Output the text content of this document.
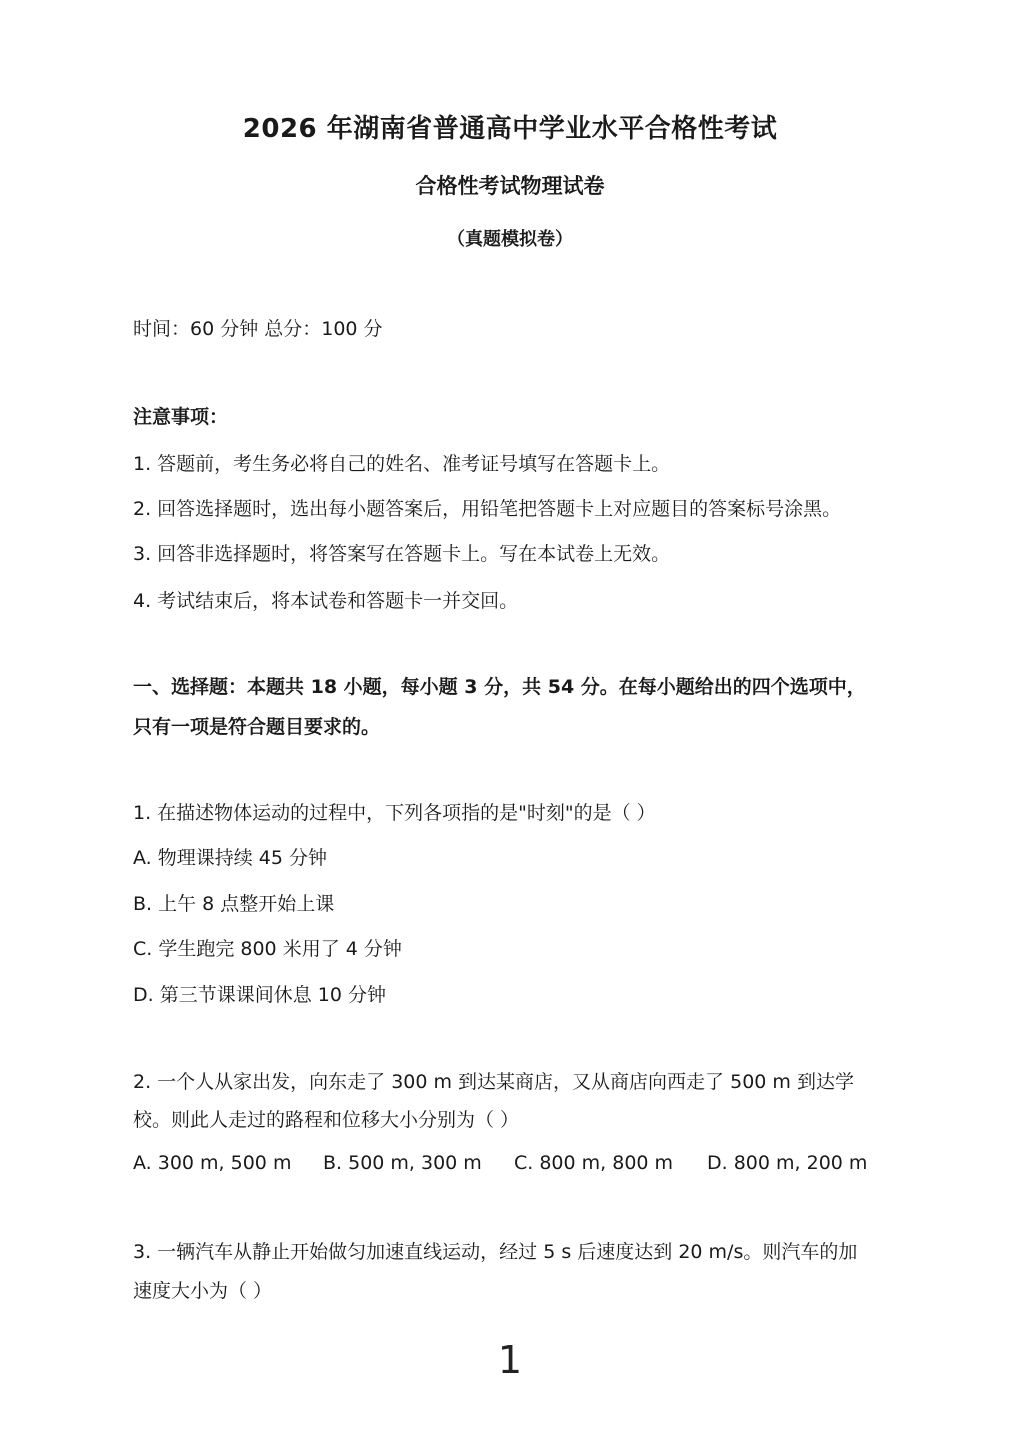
2026 年湖南省普通高中学业水平合格性考试
合格性考试物理试卷
（真题模拟卷）
时间：60 分钟 总分：100 分
注意事项：
1. 答题前，考生务必将自己的姓名、准考证号填写在答题卡上。
2. 回答选择题时，选出每小题答案后，用铅笔把答题卡上对应题目的答案标号涂黑。
3. 回答非选择题时，将答案写在答题卡上。写在本试卷上无效。
4. 考试结束后，将本试卷和答题卡一并交回。
一、选择题：本题共 18 小题，每小题 3 分，共 54 分。在每小题给出的四个选项中，
只有一项是符合题目要求的。
1. 在描述物体运动的过程中，下列各项指的是"时刻"的是（ ）
A. 物理课持续 45 分钟
B. 上午 8 点整开始上课
C. 学生跑完 800 米用了 4 分钟
D. 第三节课课间休息 10 分钟
2. 一个人从家出发，向东走了 300 m 到达某商店，又从商店向西走了 500 m 到达学
校。则此人走过的路程和位移大小分别为（ ）
A. 300 m, 500 m B. 500 m, 300 m C. 800 m, 800 m D. 800 m, 200 m
3. 一辆汽车从静止开始做匀加速直线运动，经过 5 s 后速度达到 20 m/s。则汽车的加
速度大小为（ ）
1
